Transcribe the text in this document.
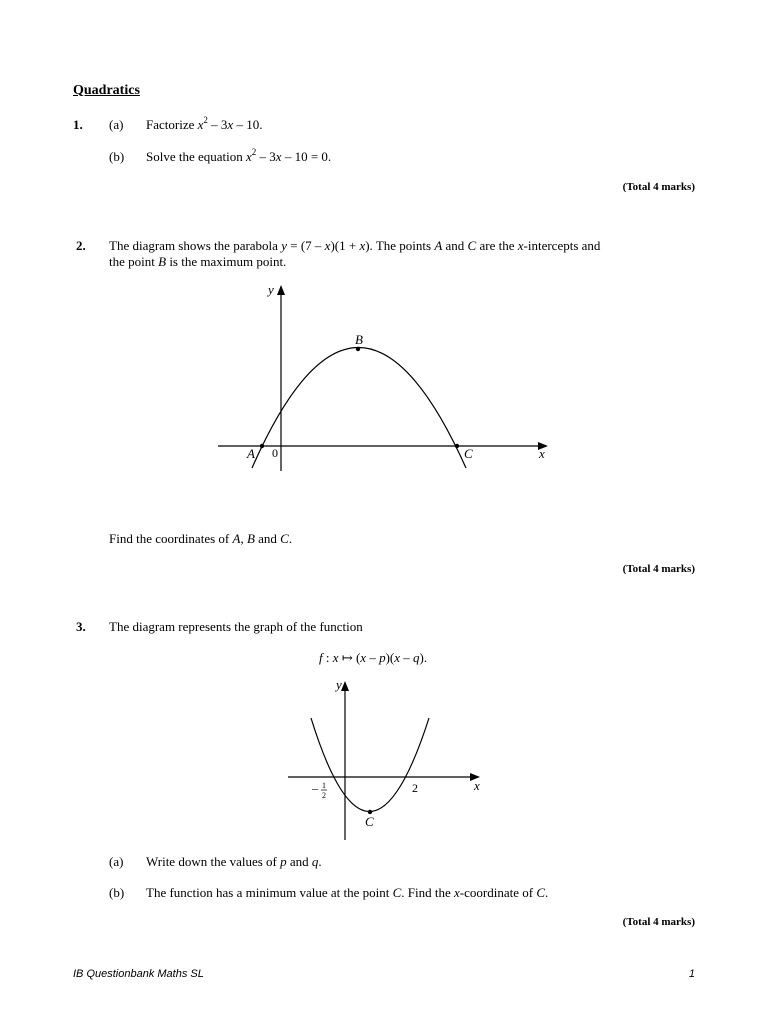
Quadratics
1. (a) Factorize $x^2 - 3x - 10$.
(b) Solve the equation $x^2 - 3x - 10 = 0$.
(Total 4 marks)
2. The diagram shows the parabola y = (7 – x)(1 + x). The points A and C are the x-intercepts and
the point B is the maximum point.
y
x
0
A
B
C
y
x
– 1
2
2
C
Find the coordinates of A, B and C.
(Total 4 marks)
3. The diagram represents the graph of the function
f : x ↦ (x – p)(x – q).
(a) Write down the values of p and q.
(b) The function has a minimum value at the point C. Find the x-coordinate of C.
(Total 4 marks)
IB Questionbank Maths SL	1
